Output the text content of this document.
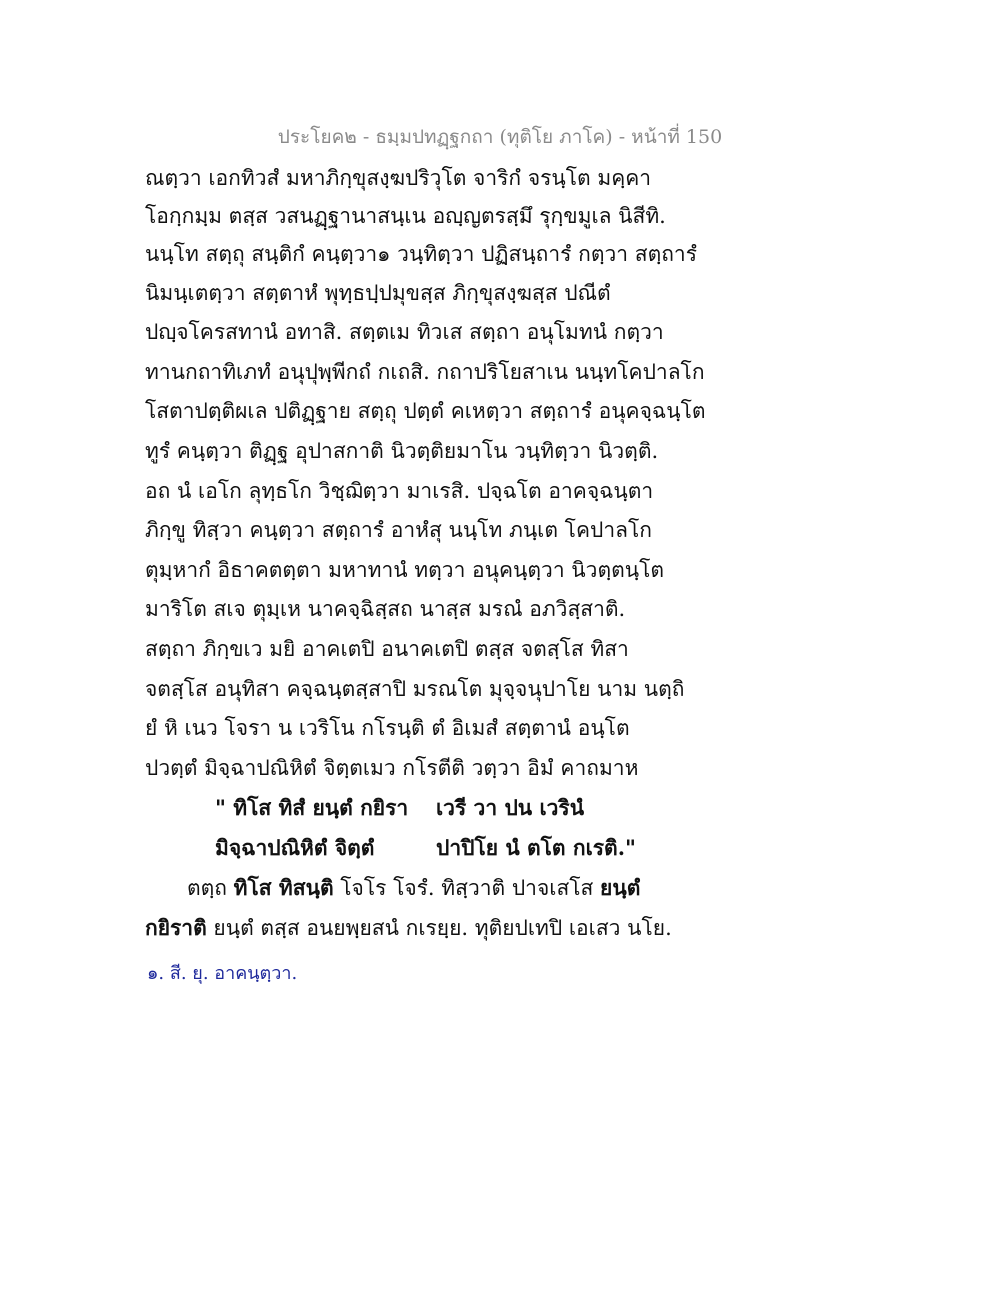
ประโยค๒ - ธมฺมปทฏฺฐกถา (ทุติโย ภาโค) - หน้าที่ 150
ณตฺวา เอกทิวสํ มหาภิกฺขุสงฺฆปริวุโต จาริกํ จรนฺโต มคฺคา
โอกฺกมฺม ตสฺส วสนฏฺฐานาสนฺเน อญฺญตรสฺมึ รุกฺขมูเล นิสีทิ.
นนฺโท สตฺถุ สนฺติกํ คนฺตฺวา๑ วนฺทิตฺวา ปฏิสนฺถารํ กตฺวา สตฺถารํ
นิมนฺเตตฺวา สตฺตาหํ พุทฺธปฺปมุขสฺส ภิกฺขุสงฺฆสฺส ปณีตํ
ปญฺจโครสทานํ อทาสิ. สตฺตเม ทิวเส สตฺถา อนุโมทนํ กตฺวา
ทานกถาทิเภทํ อนุปุพฺพีกถํ กเถสิ. กถาปริโยสาเน นนฺทโคปาลโก
โสตาปตฺติผเล ปติฏฺฐาย สตฺถุ ปตฺตํ คเหตฺวา สตฺถารํ อนุคจฺฉนฺโต
ทูรํ คนฺตฺวา ติฏฺฐ อุปาสกาติ นิวตฺติยมาโน วนฺทิตฺวา นิวตฺติ.
อถ นํ เอโก ลุทฺธโก วิชฺฌิตฺวา มาเรสิ. ปจฺฉโต อาคจฺฉนฺตา
ภิกฺขู ทิสฺวา คนฺตฺวา สตฺถารํ อาหํสุ นนฺโท ภนฺเต โคปาลโก
ตุมฺหากํ อิธาคตตฺตา มหาทานํ ทตฺวา อนุคนฺตฺวา นิวตฺตนฺโต
มาริโต สเจ ตุมฺเห นาคจฺฉิสฺสถ นาสฺส มรณํ อภวิสฺสาติ.
สตฺถา ภิกฺขเว มยิ อาคเตปิ อนาคเตปิ ตสฺส จตสฺโส ทิสา
จตสฺโส อนุทิสา คจฺฉนฺตสฺสาปิ มรณโต มุจฺจนุปาโย นาม นตฺถิ
ยํ หิ เนว โจรา น เวริโน กโรนฺติ ตํ อิเมสํ สตฺตานํ อนฺโต
ปวตฺตํ มิจฺฉาปณิหิตํ จิตฺตเมว กโรตีติ วตฺวา อิมํ คาถมาห
" ทิโส ทิสํ ยนฺตํ กยิรา เวรี วา ปน เวรินํ
มิจฺฉาปณิหิตํ จิตฺตํ	ปาปิโย นํ ตโต กเรติ."
ตตฺถ ทิโส ทิสนฺติ โจโร โจรํ. ทิสฺวาติ ปาจเสโส ยนฺตํ
กยิราติ ยนฺตํ ตสฺส อนยพฺยสนํ กเรยฺย. ทุติยปเทปิ เอเสว นโย.
๑. สี. ยุ. อาคนฺตฺวา.
